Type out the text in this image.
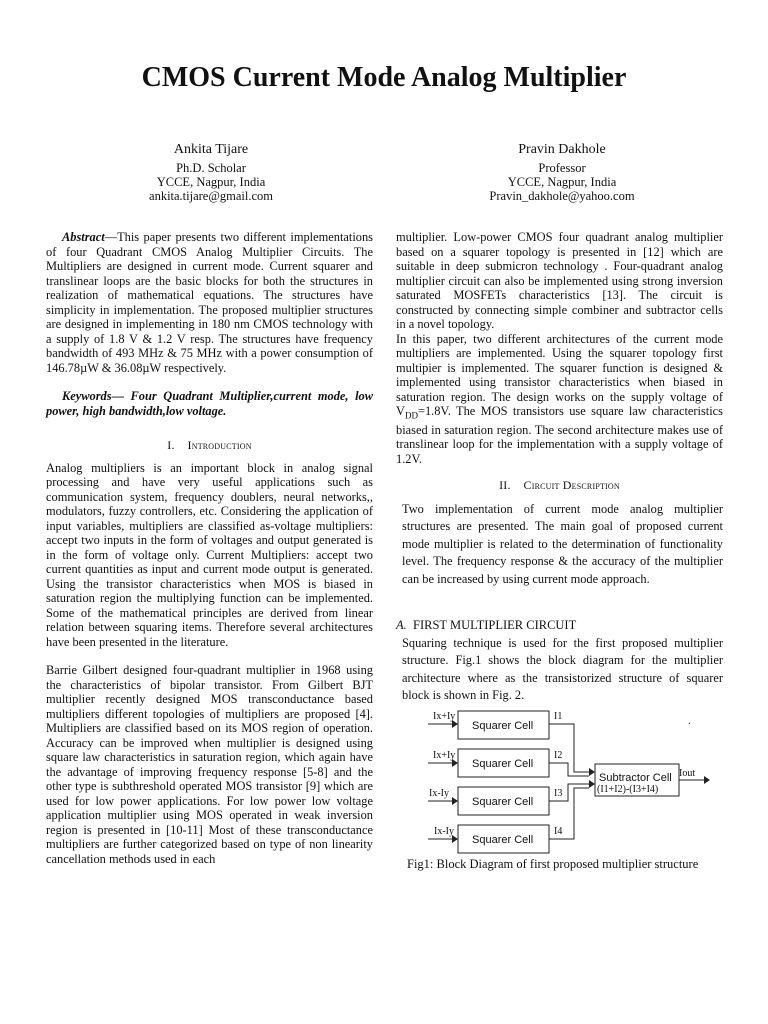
CMOS Current Mode Analog Multiplier
Ankita Tijare
Ph.D. Scholar
YCCE, Nagpur, India
ankita.tijare@gmail.com
Pravin Dakhole
Professor
YCCE, Nagpur, India
Pravin_dakhole@yahoo.com

Abstract—This paper presents two different implementations of four Quadrant CMOS Analog Multiplier Circuits. The Multipliers are designed in current mode. Current squarer and translinear loops are the basic blocks for both the structures in realization of mathematical equations. The structures have simplicity in implementation. The proposed multiplier structures are designed in implementing in 180 nm CMOS technology with a supply of 1.8 V & 1.2 V resp. The structures have frequency bandwidth of 493 MHz & 75 MHz with a power consumption of 146.78µW & 36.08µW respectively.

Keywords— Four Quadrant Multiplier,current mode, low power, high bandwidth,low voltage.

I. Introduction

Analog multipliers is an important block in analog signal processing and have very useful applications such as communication system, frequency doublers, neural networks,, modulators, fuzzy controllers, etc. Considering the application of input variables, multipliers are classified as-voltage multipliers: accept two inputs in the form of voltages and output generated is in the form of voltage only. Current Multipliers: accept two current quantities as input and current mode output is generated. Using the transistor characteristics when MOS is biased in saturation region the multiplying function can be implemented. Some of the mathematical principles are derived from linear relation between squaring items. Therefore several architectures have been presented in the literature.

Barrie Gilbert designed four-quadrant multiplier in 1968 using the characteristics of bipolar transistor. From Gilbert BJT multiplier recently designed MOS transconductance based multipliers different topologies of multipliers are proposed [4]. Multipliers are classified based on its MOS region of operation. Accuracy can be improved when multiplier is designed using square law characteristics in saturation region, which again have the advantage of improving frequency response [5-8] and the other type is subthreshold operated MOS transistor [9] which are used for low power applications. For low power low voltage application multiplier using MOS operated in weak inversion region is presented in [10-11] Most of these transconductance multipliers are further categorized based on type of non linearity cancellation methods used in each

multiplier. Low-power CMOS four quadrant analog multiplier based on a squarer topology is presented in [12] which are suitable in deep submicron technology . Four-quadrant analog multiplier circuit can also be implemented using strong inversion saturated MOSFETs characteristics [13]. The circuit is constructed by connecting simple combiner and subtractor cells in a novel topology.

In this paper, two different architectures of the current mode multipliers are implemented. Using the squarer topology first multipier is implemented. The squarer function is designed & implemented using transistor characteristics when biased in saturation region. The design works on the supply voltage of $V_{DD}=1.8V$. The MOS transistors use square law characteristics biased in saturation region. The second architecture makes use of translinear loop for the implementation with a supply voltage of 1.2V.

II. Circuit Description

Two implementation of current mode analog multiplier structures are presented. The main goal of proposed current mode multiplier is related to the determination of functionality level. The frequency response & the accuracy of the multiplier can be increased by using current mode approach.

A. FIRST MULTIPLIER CIRCUIT

Squaring technique is used for the first proposed multiplier structure. Fig.1 shows the block diagram for the multiplier architecture where as the transistorized structure of squarer block is shown in Fig. 2.

Ix+Iy
Ix+Iy
Ix-Iy
Ix-Iy
Squarer Cell
Squarer Cell
Squarer Cell
Squarer Cell
I1
I2
I3
I4
Subtractor Cell
(I1+I2)-(I3+I4)
Iout
.
Fig1: Block Diagram of first proposed multiplier structure
